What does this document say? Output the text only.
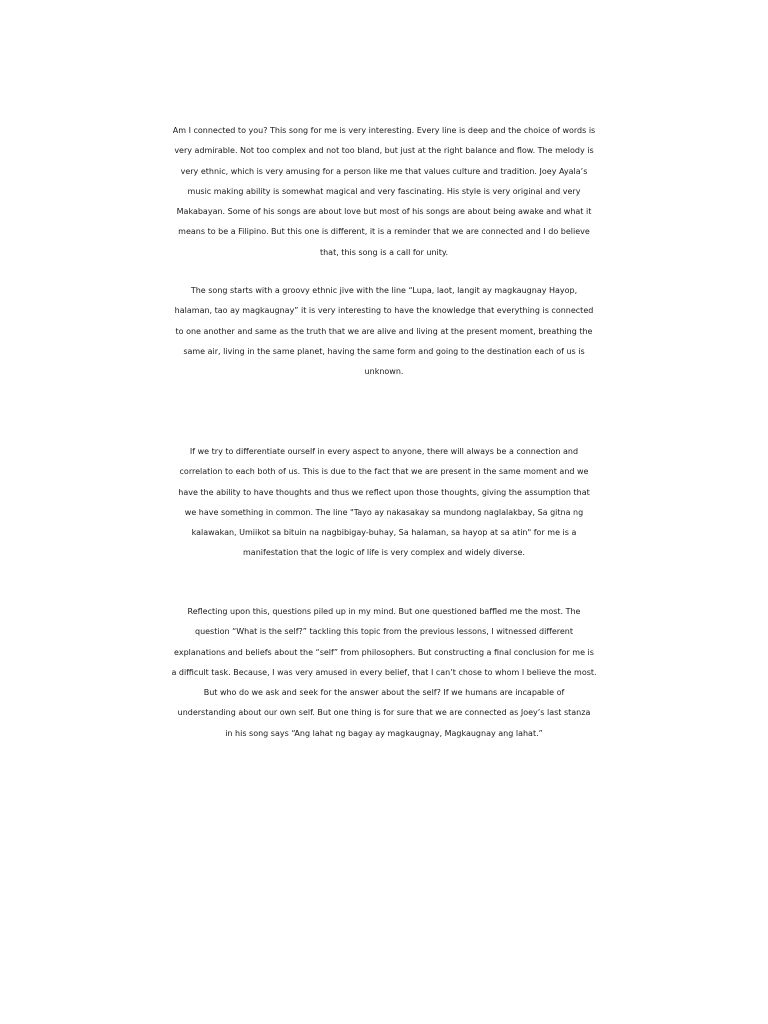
Am I connected to you? This song for me is very interesting. Every line is deep and the choice of words is
very admirable. Not too complex and not too bland, but just at the right balance and flow. The melody is
very ethnic, which is very amusing for a person like me that values culture and tradition. Joey Ayala’s
music making ability is somewhat magical and very fascinating. His style is very original and very
Makabayan. Some of his songs are about love but most of his songs are about being awake and what it
means to be a Filipino. But this one is different, it is a reminder that we are connected and I do believe
that, this song is a call for unity.

The song starts with a groovy ethnic jive with the line “Lupa, laot, langit ay magkaugnay Hayop,
halaman, tao ay magkaugnay” it is very interesting to have the knowledge that everything is connected
to one another and same as the truth that we are alive and living at the present moment, breathing the
same air, living in the same planet, having the same form and going to the destination each of us is
unknown.

If we try to differentiate ourself in every aspect to anyone, there will always be a connection and
correlation to each both of us. This is due to the fact that we are present in the same moment and we
have the ability to have thoughts and thus we reflect upon those thoughts, giving the assumption that
we have something in common. The line "Tayo ay nakasakay sa mundong naglalakbay, Sa gitna ng
kalawakan, Umiikot sa bituin na nagbibigay-buhay, Sa halaman, sa hayop at sa atin" for me is a
manifestation that the logic of life is very complex and widely diverse.

Reflecting upon this, questions piled up in my mind. But one questioned baffled me the most. The
question “What is the self?” tackling this topic from the previous lessons, I witnessed different
explanations and beliefs about the “self” from philosophers. But constructing a final conclusion for me is
a difficult task. Because, I was very amused in every belief, that I can’t chose to whom I believe the most.
But who do we ask and seek for the answer about the self? If we humans are incapable of
understanding about our own self. But one thing is for sure that we are connected as Joey’s last stanza
in his song says “Ang lahat ng bagay ay magkaugnay, Magkaugnay ang lahat.”
